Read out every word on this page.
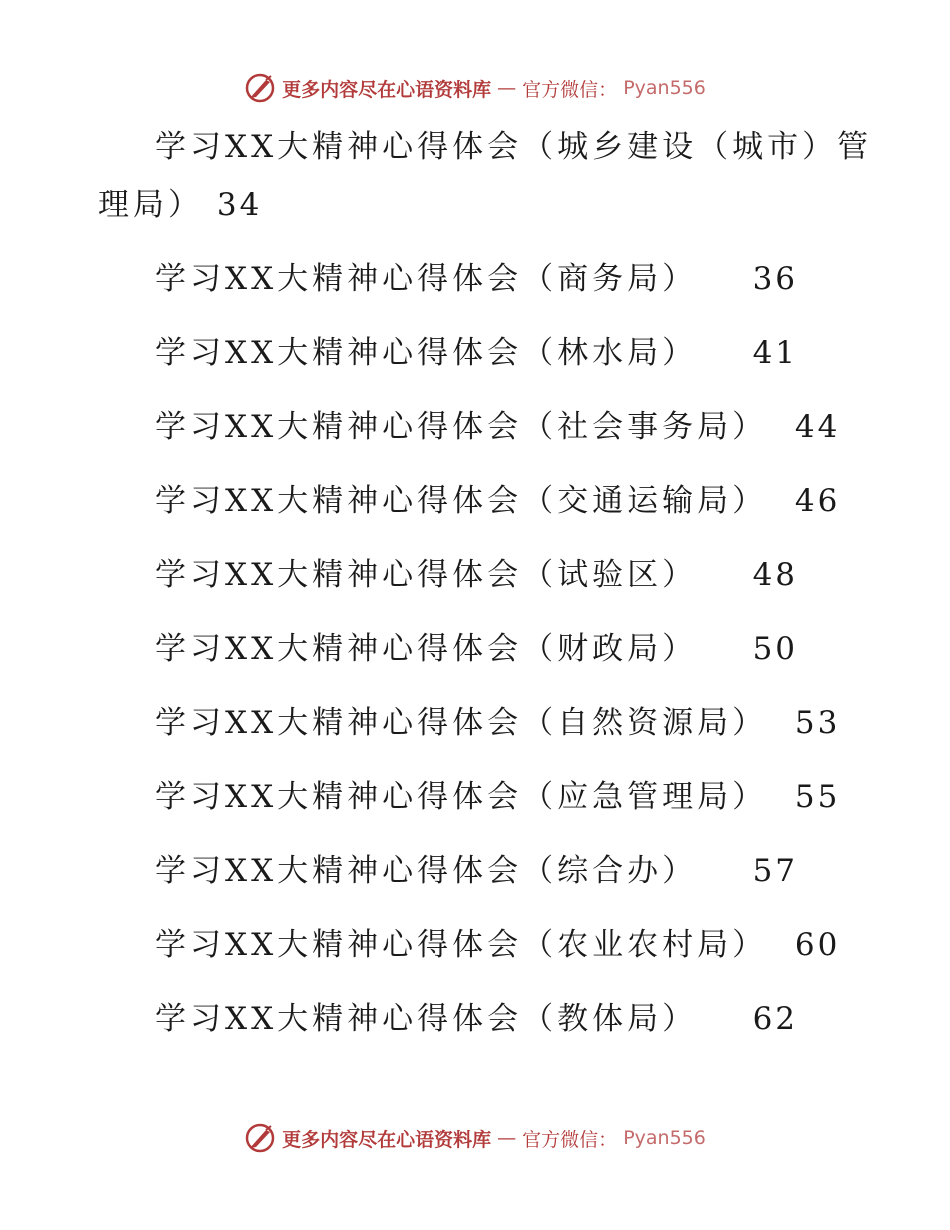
更多内容尽在心语资料库 — 官方微信： Pyan556
学习XX大精神心得体会（城乡建设（城市）管
理局） 34
学习XX大精神心得体会（商务局） 36
学习XX大精神心得体会（林水局） 41
学习XX大精神心得体会（社会事务局） 44
学习XX大精神心得体会（交通运输局） 46
学习XX大精神心得体会（试验区） 48
学习XX大精神心得体会（财政局） 50
学习XX大精神心得体会（自然资源局） 53
学习XX大精神心得体会（应急管理局） 55
学习XX大精神心得体会（综合办） 57
学习XX大精神心得体会（农业农村局） 60
学习XX大精神心得体会（教体局） 62
更多内容尽在心语资料库 — 官方微信： Pyan556
